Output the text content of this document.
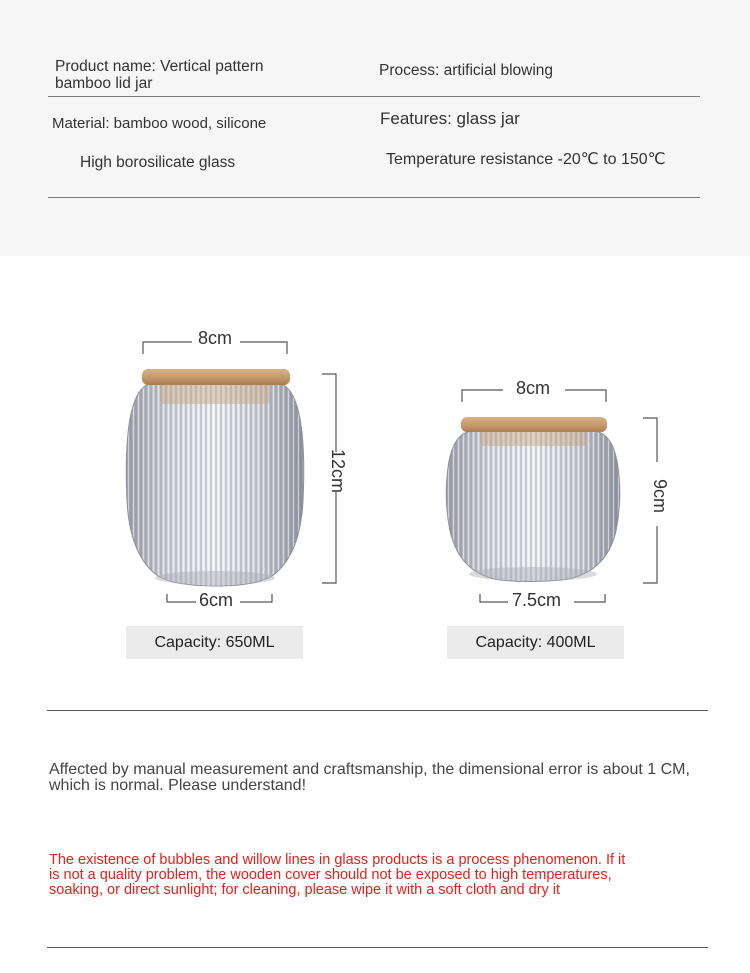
Product name: Vertical pattern
bamboo lid jar
Process: artificial blowing
Material: bamboo wood, silicone	Features: glass jar
High borosilicate glass	Temperature resistance -20℃ to 150℃
8cm
12cm
6cm
Capacity: 650ML
8cm
9cm
7.5cm
Capacity: 400ML
Affected by manual measurement and craftsmanship, the dimensional error is about 1 CM, which is normal. Please understand!
The existence of bubbles and willow lines in glass products is a process phenomenon. If it
is not a quality problem, the wooden cover should not be exposed to high temperatures,
soaking, or direct sunlight; for cleaning, please wipe it with a soft cloth and dry it
